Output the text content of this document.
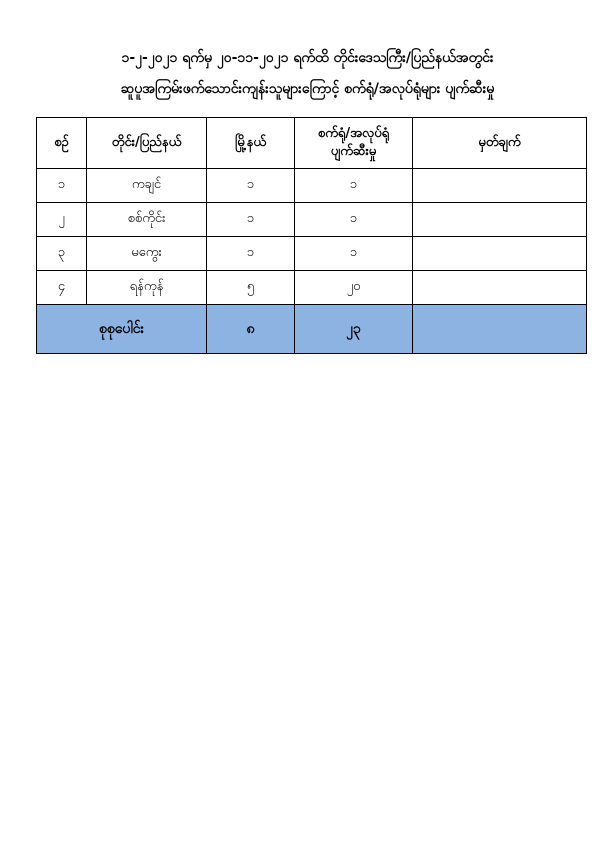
၁-၂-၂၀၂၁ ရက်မှ ၂၀-၁၁-၂၀၂၁ ရက်ထိ တိုင်းဒေသကြီး/ပြည်နယ်အတွင်း
ဆူပူအကြမ်းဖက်သောင်းကျန်းသူများကြောင့် စက်ရုံ/အလုပ်ရုံများ ပျက်ဆီးမှု
စဉ်	တိုင်း/ပြည်နယ်	မြို့နယ်	စက်ရုံ/အလုပ်ရုံ
ပျက်ဆီးမှု	မှတ်ချက်
၁	ကချင်	၁	၁	
၂	စစ်ကိုင်း	၁	၁	
၃	မကွေး	၁	၁	
၄	ရန်ကုန်	၅	၂၀	
စုစုပေါင်း		၈	၂၃	
